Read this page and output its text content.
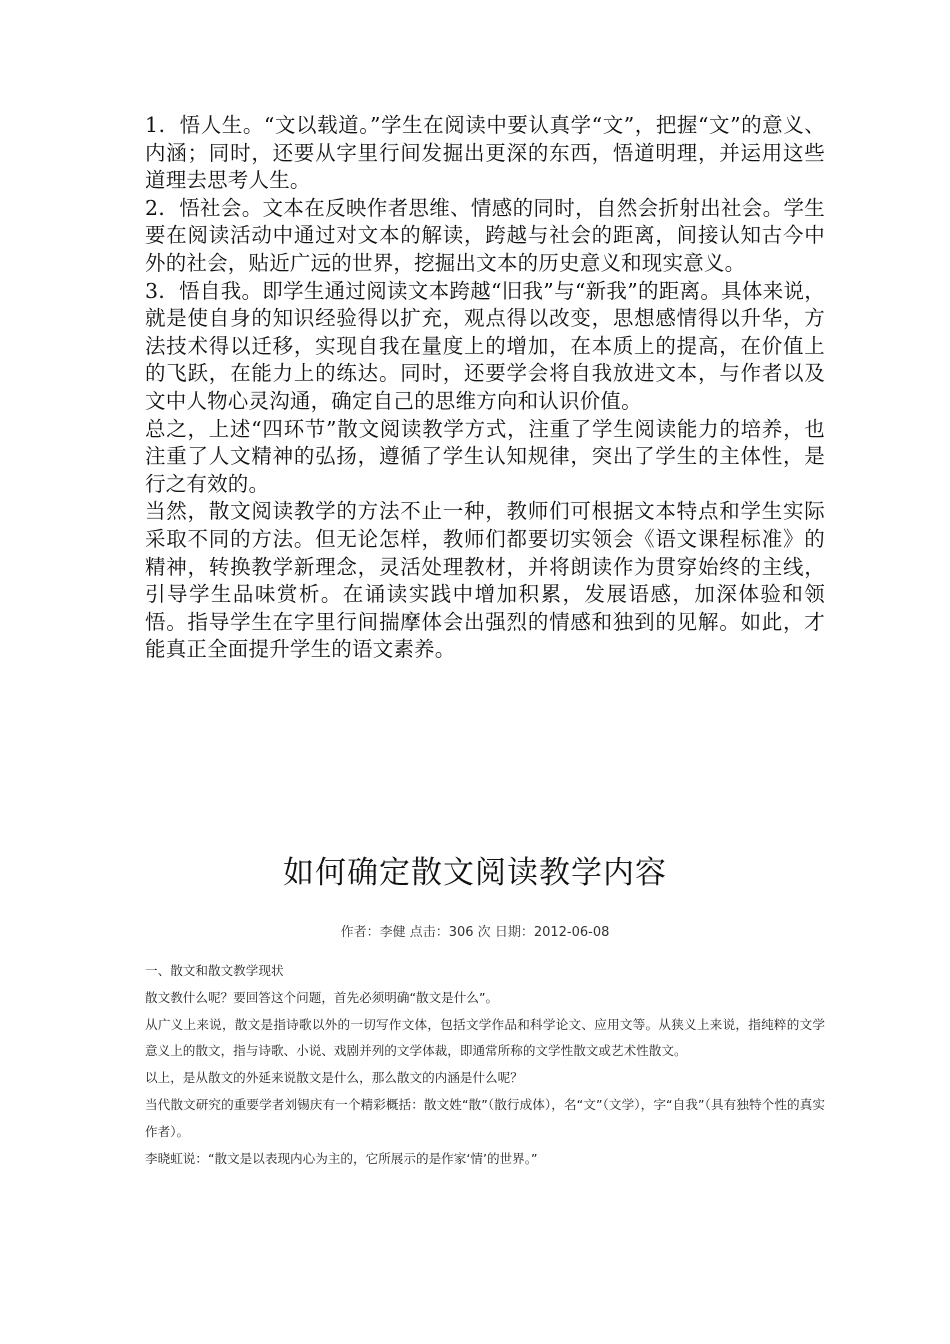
1．悟人生。“文以载道。”学生在阅读中要认真学“文”，把握“文”的意义、内涵；同时，还要从字里行间发掘出更深的东西，悟道明理，并运用这些道理去思考人生。

2．悟社会。文本在反映作者思维、情感的同时，自然会折射出社会。学生要在阅读活动中通过对文本的解读，跨越与社会的距离，间接认知古今中外的社会，贴近广远的世界，挖掘出文本的历史意义和现实意义。

3．悟自我。即学生通过阅读文本跨越“旧我”与“新我”的距离。具体来说，就是使自身的知识经验得以扩充，观点得以改变，思想感情得以升华，方法技术得以迁移，实现自我在量度上的增加，在本质上的提高，在价值上的飞跃，在能力上的练达。同时，还要学会将自我放进文本，与作者以及文中人物心灵沟通，确定自己的思维方向和认识价值。

总之，上述“四环节”散文阅读教学方式，注重了学生阅读能力的培养，也注重了人文精神的弘扬，遵循了学生认知规律，突出了学生的主体性，是行之有效的。

当然，散文阅读教学的方法不止一种，教师们可根据文本特点和学生实际采取不同的方法。但无论怎样，教师们都要切实领会《语文课程标准》的精神，转换教学新理念，灵活处理教材，并将朗读作为贯穿始终的主线，引导学生品味赏析。在诵读实践中增加积累，发展语感，加深体验和领悟。指导学生在字里行间揣摩体会出强烈的情感和独到的见解。如此，才能真正全面提升学生的语文素养。

如何确定散文阅读教学内容
作者：李健 点击：306 次 日期：2012-06-08

一、散文和散文教学现状

散文教什么呢？要回答这个问题，首先必须明确“散文是什么”。

从广义上来说，散文是指诗歌以外的一切写作文体，包括文学作品和科学论文、应用文等。从狭义上来说，指纯粹的文学意义上的散文，指与诗歌、小说、戏剧并列的文学体裁，即通常所称的文学性散文或艺术性散文。

以上，是从散文的外延来说散文是什么，那么散文的内涵是什么呢？

当代散文研究的重要学者刘锡庆有一个精彩概括：散文姓“散”（散行成体），名“文”（文学），字“自我”（具有独特个性的真实作者）。

李晓虹说：“散文是以表现内心为主的，它所展示的是作家‘情’的世界。”
